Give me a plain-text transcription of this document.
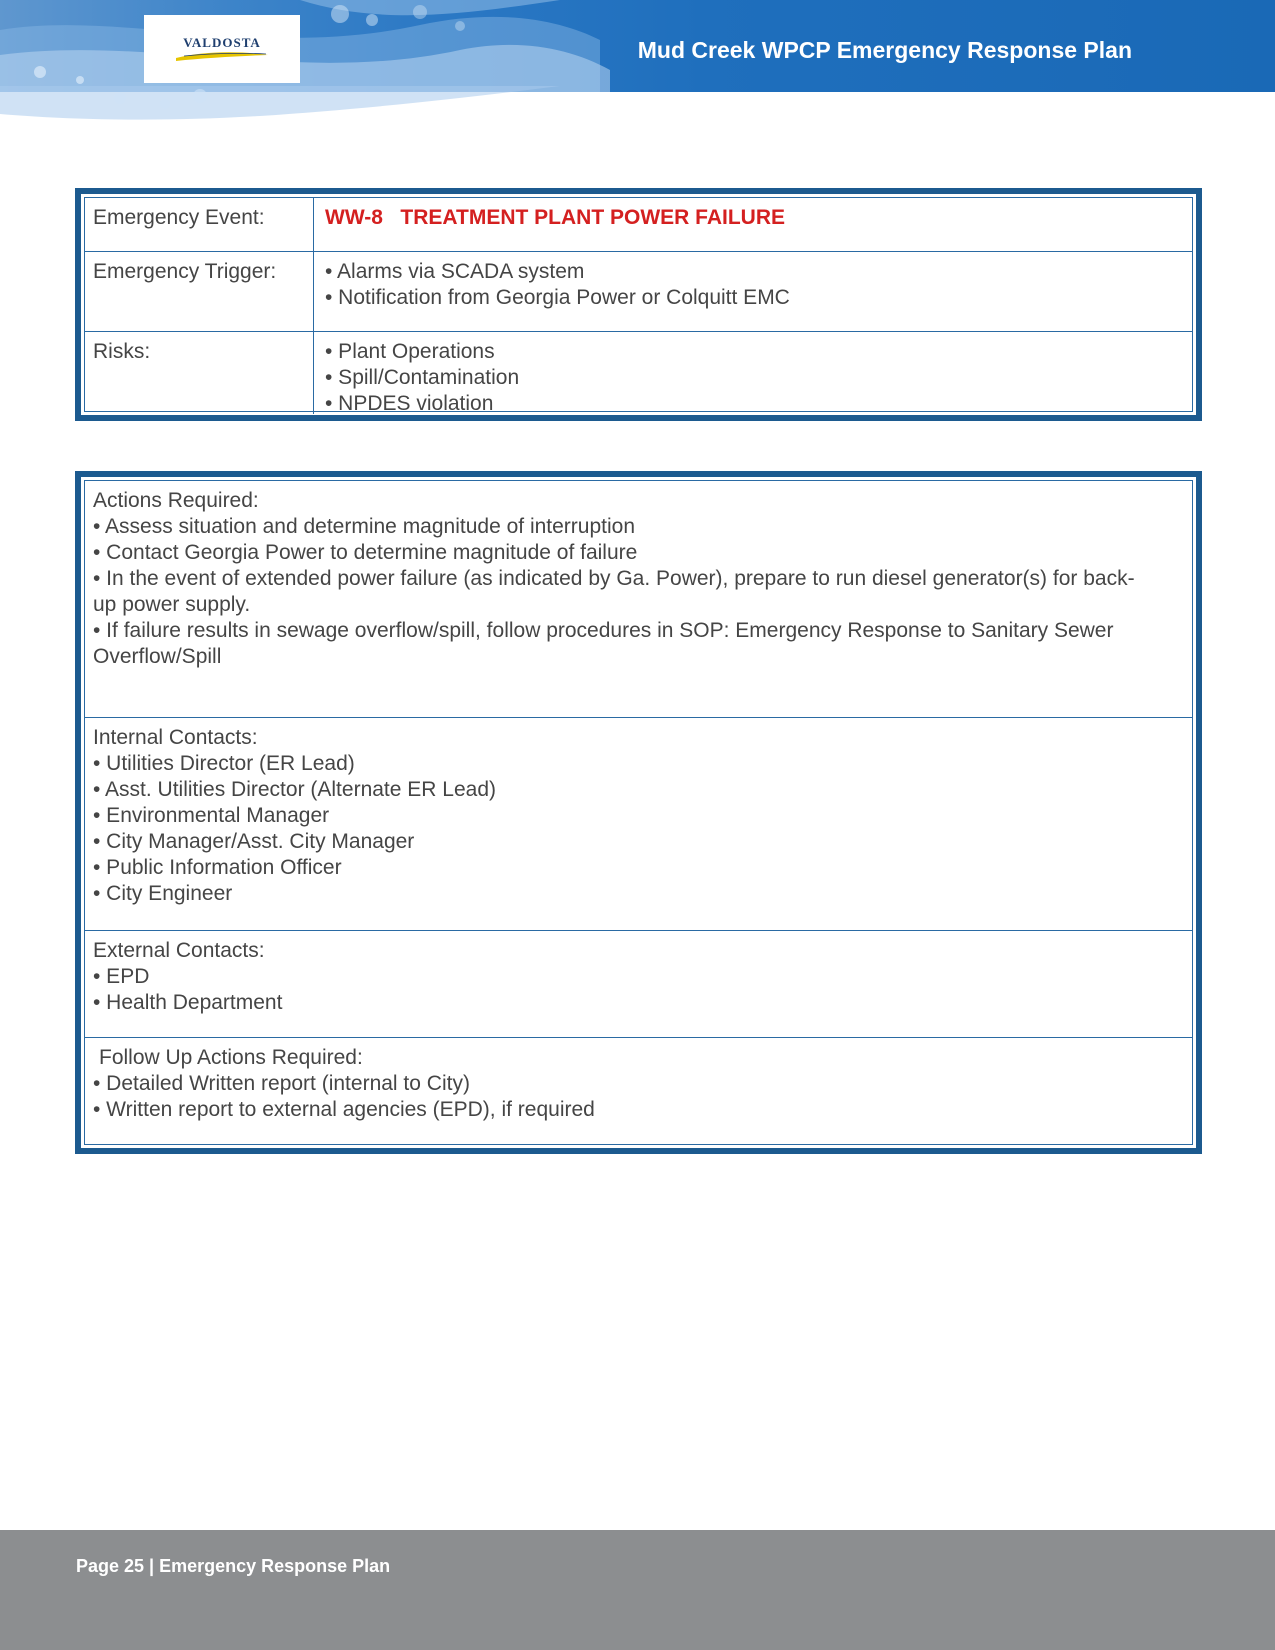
VALDOSTA	Mud Creek WPCP Emergency Response Plan
Emergency Event:	WW-8   TREATMENT PLANT POWER FAILURE
Emergency Trigger: • Alarms via SCADA system
• Notification from Georgia Power or Colquitt EMC
Risks:	• Plant Operations
• Spill/Contamination
• NPDES violation
Actions Required:
• Assess situation and determine magnitude of interruption
• Contact Georgia Power to determine magnitude of failure
• In the event of extended power failure (as indicated by Ga. Power), prepare to run diesel generator(s) for back-up power supply.
• If failure results in sewage overflow/spill, follow procedures in SOP: Emergency Response to Sanitary Sewer Overflow/Spill
Internal Contacts:
• Utilities Director (ER Lead)
• Asst. Utilities Director (Alternate ER Lead)
• Environmental Manager
• City Manager/Asst. City Manager
• Public Information Officer
• City Engineer
External Contacts:
• EPD
• Health Department
Follow Up Actions Required:
• Detailed Written report (internal to City)
• Written report to external agencies (EPD), if required
Page 25 | Emergency Response Plan
